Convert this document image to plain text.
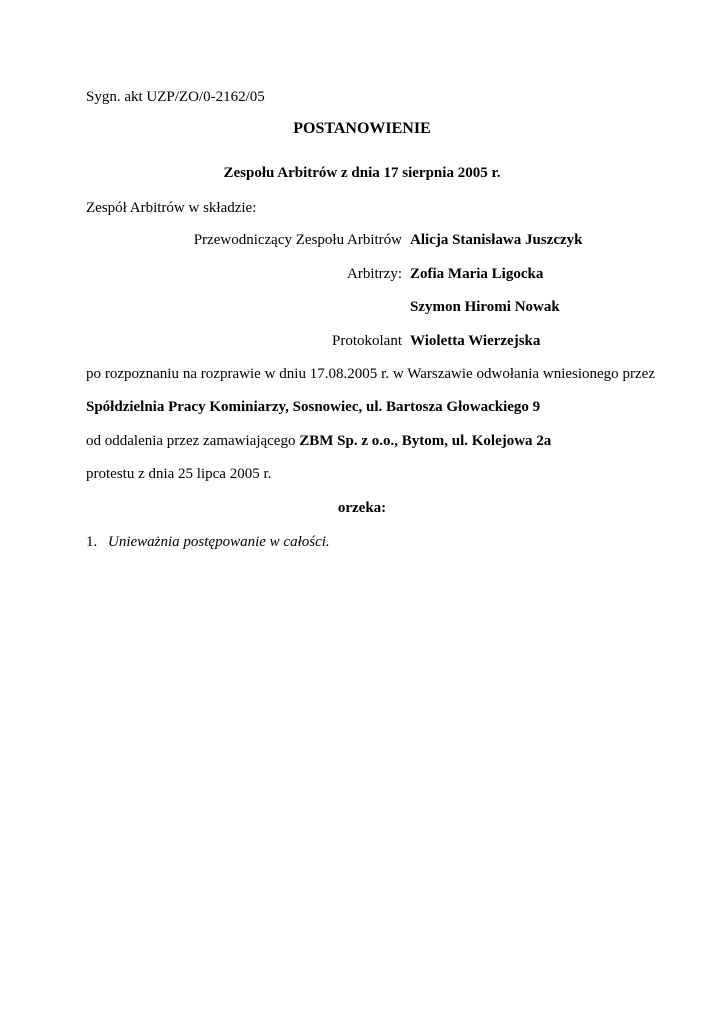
Sygn. akt UZP/ZO/0-2162/05
POSTANOWIENIE
Zespołu Arbitrów z dnia 17 sierpnia 2005 r.
Zespół Arbitrów w składzie:
Przewodniczący Zespołu Arbitrów Alicja Stanisława Juszczyk
Arbitrzy: Zofia Maria Ligocka
Szymon Hiromi Nowak
Protokolant Wioletta Wierzejska
po rozpoznaniu na rozprawie w dniu 17.08.2005 r. w Warszawie odwołania wniesionego przez
Spółdzielnia Pracy Kominiarzy, Sosnowiec, ul. Bartosza Głowackiego 9
od oddalenia przez zamawiającego ZBM Sp. z o.o., Bytom, ul. Kolejowa 2a
protestu z dnia 25 lipca 2005 r.
orzeka:
1. Unieważnia postępowanie w całości.
